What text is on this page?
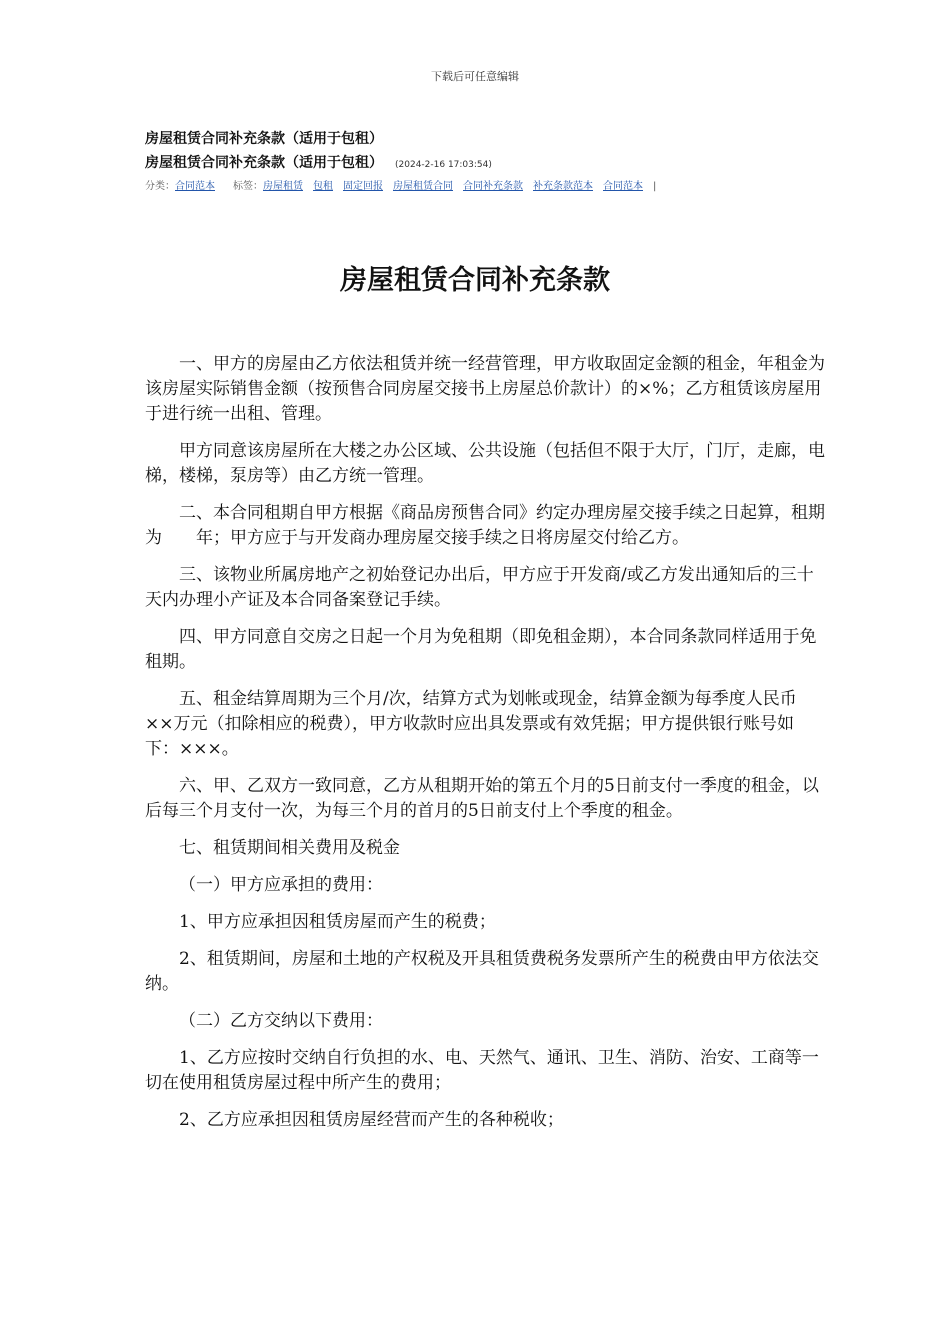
下载后可任意编辑
房屋租赁合同补充条款（适用于包租）
房屋租赁合同补充条款（适用于包租） (2024-2-16 17:03:54)
分类：合同范本 标签：房屋租赁 包租 固定回报 房屋租赁合同 合同补充条款 补充条款范本 合同范本 |
房屋租赁合同补充条款

一、甲方的房屋由乙方依法租赁并统一经营管理，甲方收取固定金额的租金，年租金为该房屋实际销售金额（按预售合同房屋交接书上房屋总价款计）的×%；乙方租赁该房屋用于进行统一出租、管理。

甲方同意该房屋所在大楼之办公区域、公共设施（包括但不限于大厅，门厅，走廊，电梯，楼梯，泵房等）由乙方统一管理。

二、本合同租期自甲方根据《商品房预售合同》约定办理房屋交接手续之日起算，租期为　　年；甲方应于与开发商办理房屋交接手续之日将房屋交付给乙方。

三、该物业所属房地产之初始登记办出后，甲方应于开发商/或乙方发出通知后的三十天内办理小产证及本合同备案登记手续。

四、甲方同意自交房之日起一个月为免租期（即免租金期），本合同条款同样适用于免租期。

五、租金结算周期为三个月/次，结算方式为划帐或现金，结算金额为每季度人民币××万元（扣除相应的税费），甲方收款时应出具发票或有效凭据；甲方提供银行账号如下：×××。

六、甲、乙双方一致同意，乙方从租期开始的第五个月的5日前支付一季度的租金，以后每三个月支付一次，为每三个月的首月的5日前支付上个季度的租金。

七、租赁期间相关费用及税金

（一）甲方应承担的费用：

1、甲方应承担因租赁房屋而产生的税费；

2、租赁期间，房屋和土地的产权税及开具租赁费税务发票所产生的税费由甲方依法交纳。

（二）乙方交纳以下费用：

1、乙方应按时交纳自行负担的水、电、天然气、通讯、卫生、消防、治安、工商等一切在使用租赁房屋过程中所产生的费用；

2、乙方应承担因租赁房屋经营而产生的各种税收；
